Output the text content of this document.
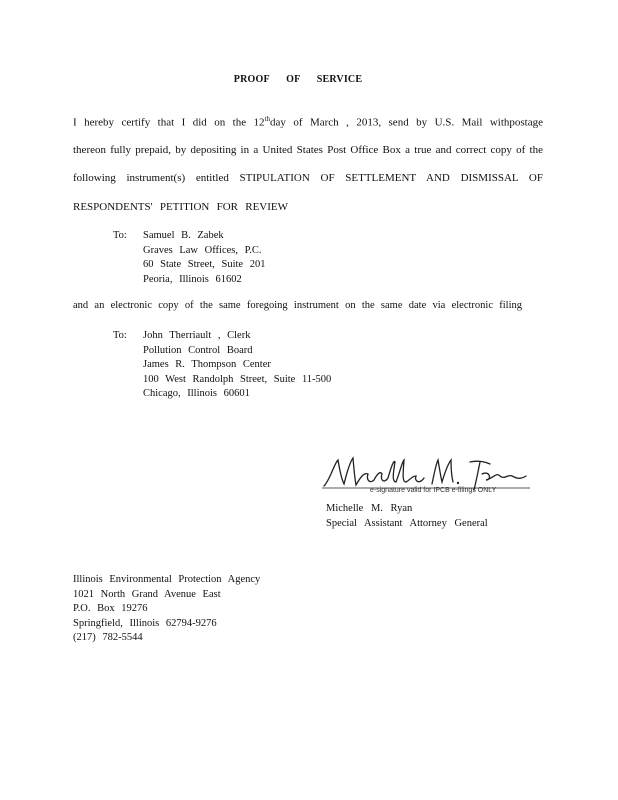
PROOF OF SERVICE
I hereby certify that I did on the 12thday of March , 2013, send by U.S. Mail withpostage
thereon fully prepaid, by depositing in a United States Post Office Box a true and correct copy of the
following instrument(s) entitled STIPULATION OF SETTLEMENT AND DISMISSAL OF
RESPONDENTS' PETITION FOR REVIEW
To: Samuel B. Zabek
Graves Law Offices, P.C.
60 State Street, Suite 201
Peoria, Illinois 61602
and an electronic copy of the same foregoing instrument on the same date via electronic filing
To: John Therriault , Clerk
Pollution Control Board
James R. Thompson Center
100 West Randolph Street, Suite 11-500
Chicago, Illinois 60601
e-signature valid for IPCB e-filings ONLY
Michelle M. Ryan
Special Assistant Attorney General
Illinois Environmental Protection Agency
1021 North Grand Avenue East
P.O. Box 19276
Springfield, Illinois 62794-9276
(217) 782-5544
